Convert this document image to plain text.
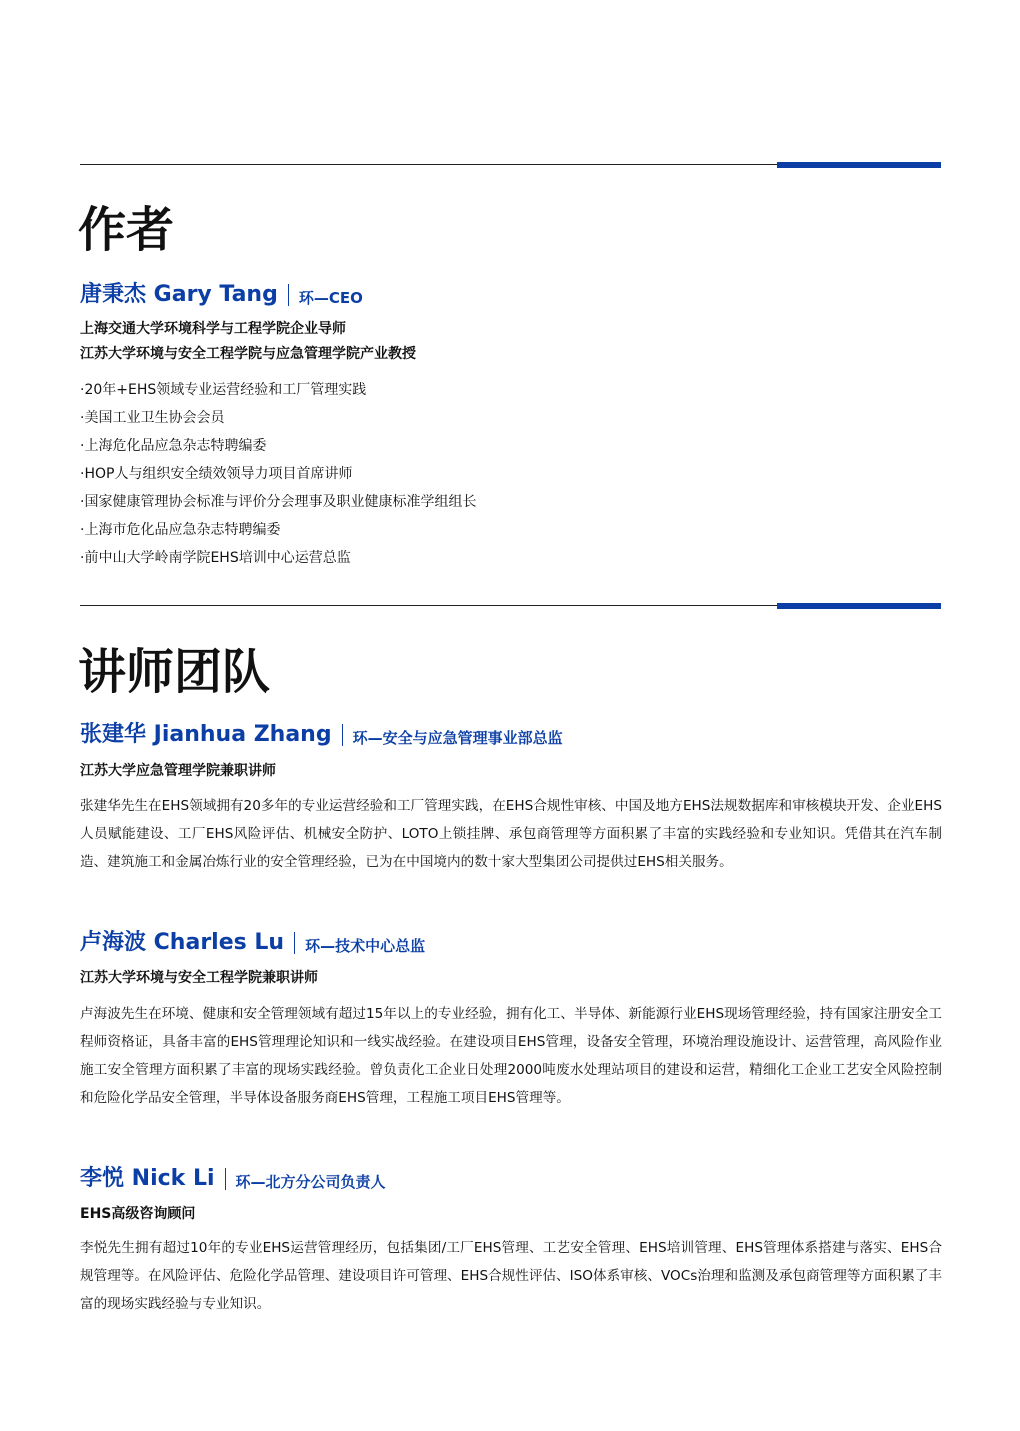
作者
唐秉杰 Gary Tang 环—CEO

上海交通大学环境科学与工程学院企业导师

江苏大学环境与安全工程学院与应急管理学院产业教授

·20年+EHS领域专业运营经验和工厂管理实践
·美国工业卫生协会会员
·上海危化品应急杂志特聘编委
·HOP人与组织安全绩效领导力项目首席讲师
·国家健康管理协会标准与评价分会理事及职业健康标准学组组长
·上海市危化品应急杂志特聘编委
·前中山大学岭南学院EHS培训中心运营总监
讲师团队
张建华 Jianhua Zhang 环—安全与应急管理事业部总监

江苏大学应急管理学院兼职讲师

张建华先生在EHS领域拥有20多年的专业运营经验和工厂管理实践，在EHS合规性审核、中国及地方EHS法规数据库和审核模块开发、企业EHS人员赋能建设、工厂EHS风险评估、机械安全防护、LOTO上锁挂牌、承包商管理等方面积累了丰富的实践经验和专业知识。凭借其在汽车制造、建筑施工和金属冶炼行业的安全管理经验，已为在中国境内的数十家大型集团公司提供过EHS相关服务。

卢海波 Charles Lu 环—技术中心总监

江苏大学环境与安全工程学院兼职讲师

卢海波先生在环境、健康和安全管理领域有超过15年以上的专业经验，拥有化工、半导体、新能源行业EHS现场管理经验，持有国家注册安全工程师资格证，具备丰富的EHS管理理论知识和一线实战经验。在建设项目EHS管理，设备安全管理，环境治理设施设计、运营管理，高风险作业施工安全管理方面积累了丰富的现场实践经验。曾负责化工企业日处理2000吨废水处理站项目的建设和运营，精细化工企业工艺安全风险控制和危险化学品安全管理，半导体设备服务商EHS管理，工程施工项目EHS管理等。

李悦 Nick Li 环—北方分公司负责人

EHS高级咨询顾问

李悦先生拥有超过10年的专业EHS运营管理经历，包括集团/工厂EHS管理、工艺安全管理、EHS培训管理、EHS管理体系搭建与落实、EHS合规管理等。在风险评估、危险化学品管理、建设项目许可管理、EHS合规性评估、ISO体系审核、VOCs治理和监测及承包商管理等方面积累了丰富的现场实践经验与专业知识。
